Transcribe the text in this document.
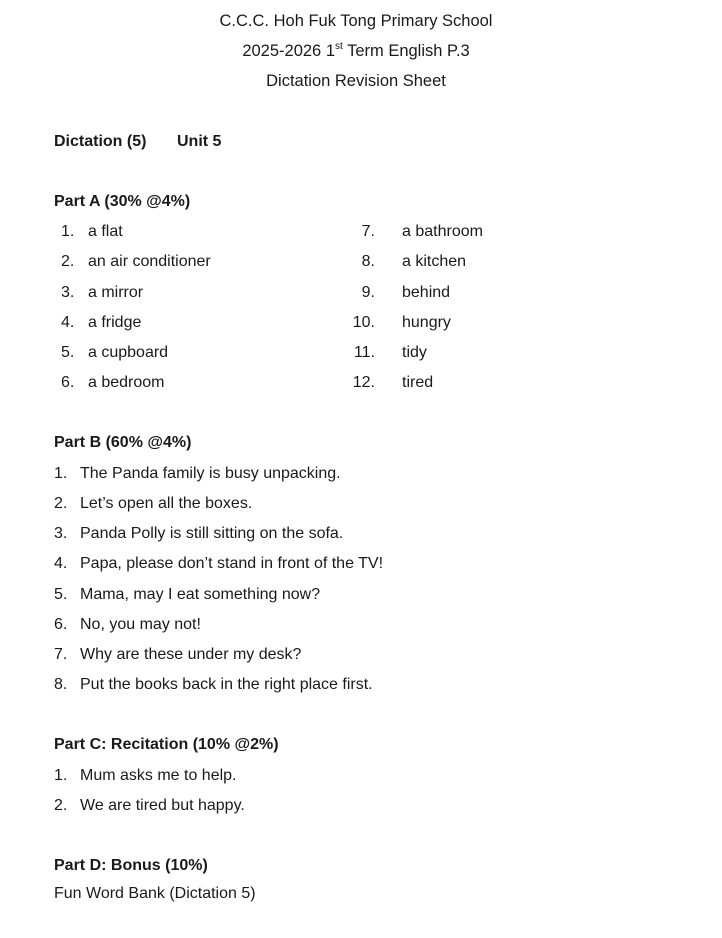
C.C.C. Hoh Fuk Tong Primary School
2025-2026 1st Term English P.3
Dictation Revision Sheet
Dictation (5) Unit 5
Part A (30% @4%)
1. a flat
2. an air conditioner
3. a mirror
4. a fridge
5. a cupboard
6. a bedroom
7. a bathroom
8. a kitchen
9. behind
10. hungry
11. tidy
12. tired
Part B (60% @4%)
1. The Panda family is busy unpacking.
2. Let’s open all the boxes.
3. Panda Polly is still sitting on the sofa.
4. Papa, please don’t stand in front of the TV!
5. Mama, may I eat something now?
6. No, you may not!
7. Why are these under my desk?
8. Put the books back in the right place first.
Part C: Recitation (10% @2%)
1. Mum asks me to help.
2. We are tired but happy.
Part D: Bonus (10%)
Fun Word Bank (Dictation 5)
